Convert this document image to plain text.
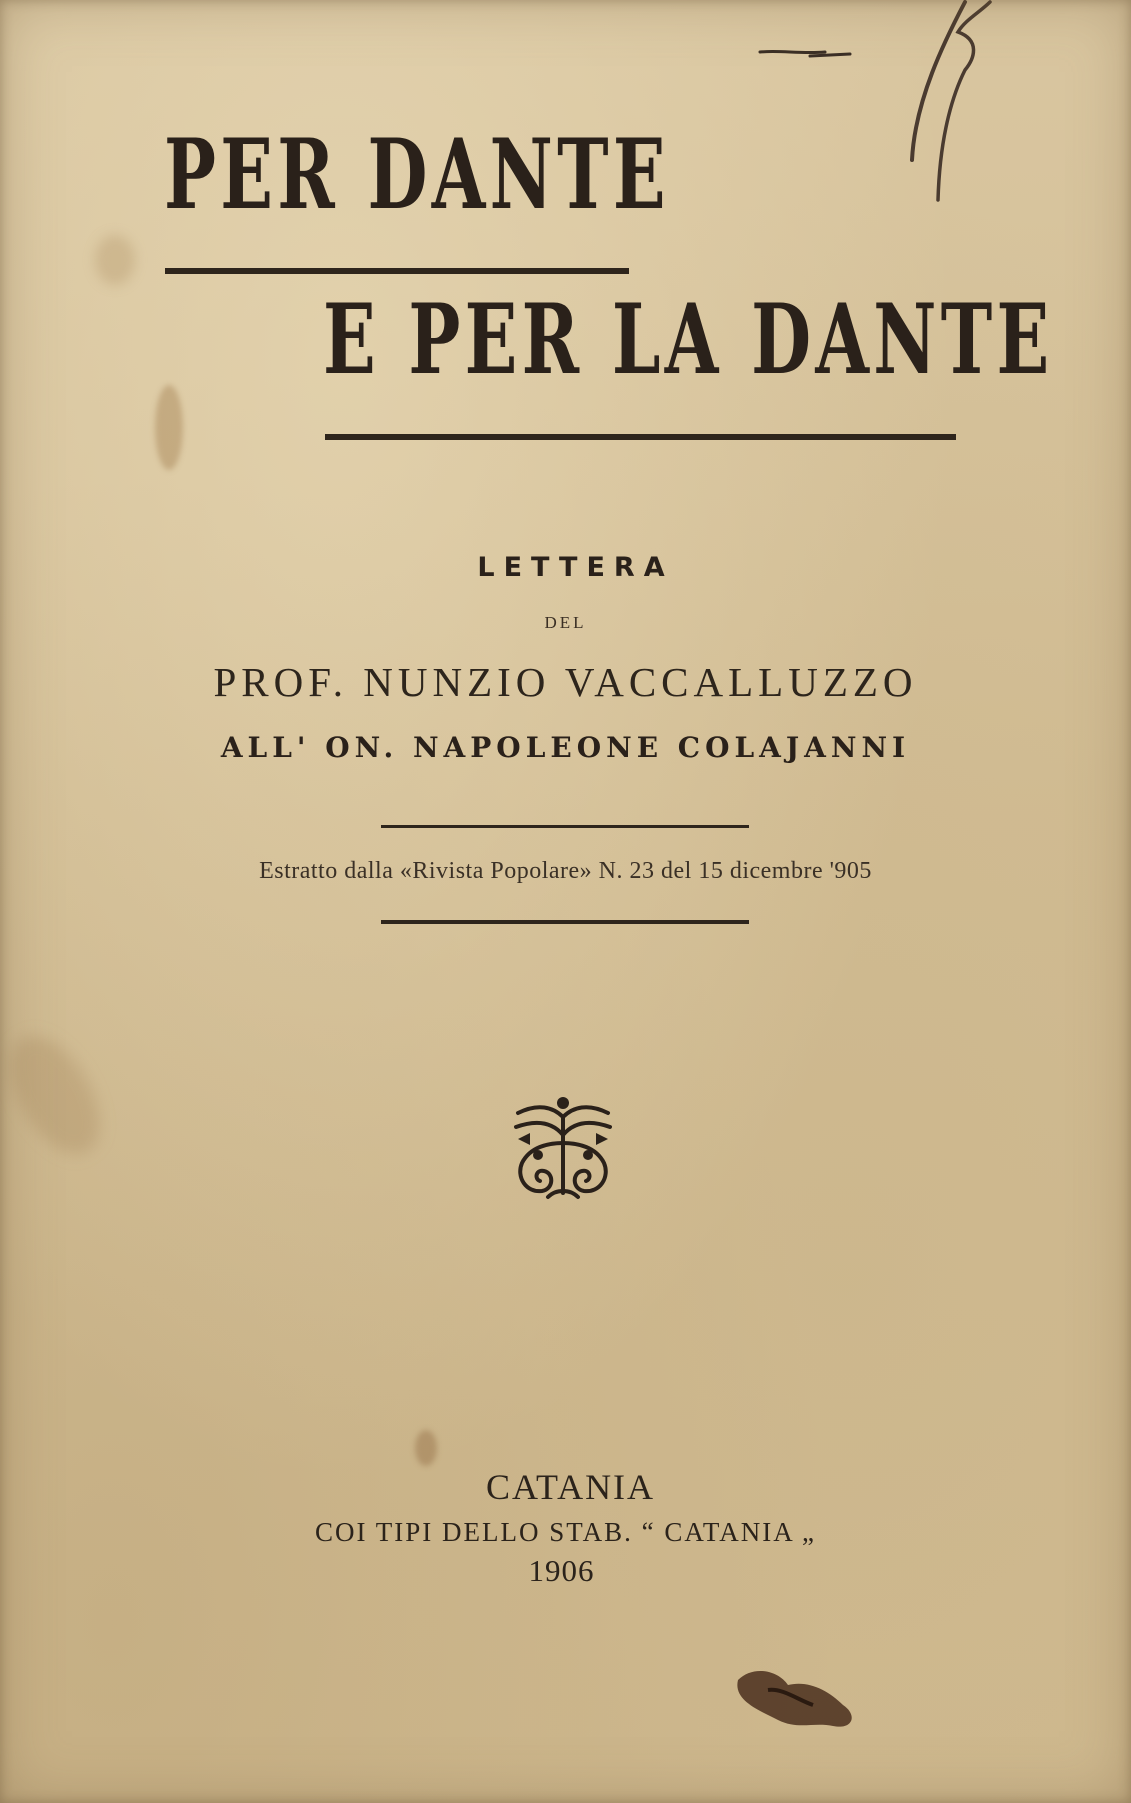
PER DANTE
E PER LA DANTE

LETTERA

DEL

PROF. NUNZIO VACCALLUZZO

ALL' ON. NAPOLEONE COLAJANNI

Estratto dalla «Rivista Popolare» N. 23 del 15 dicembre '905

CATANIA

COI TIPI DELLO STAB. “ CATANIA „

1906
